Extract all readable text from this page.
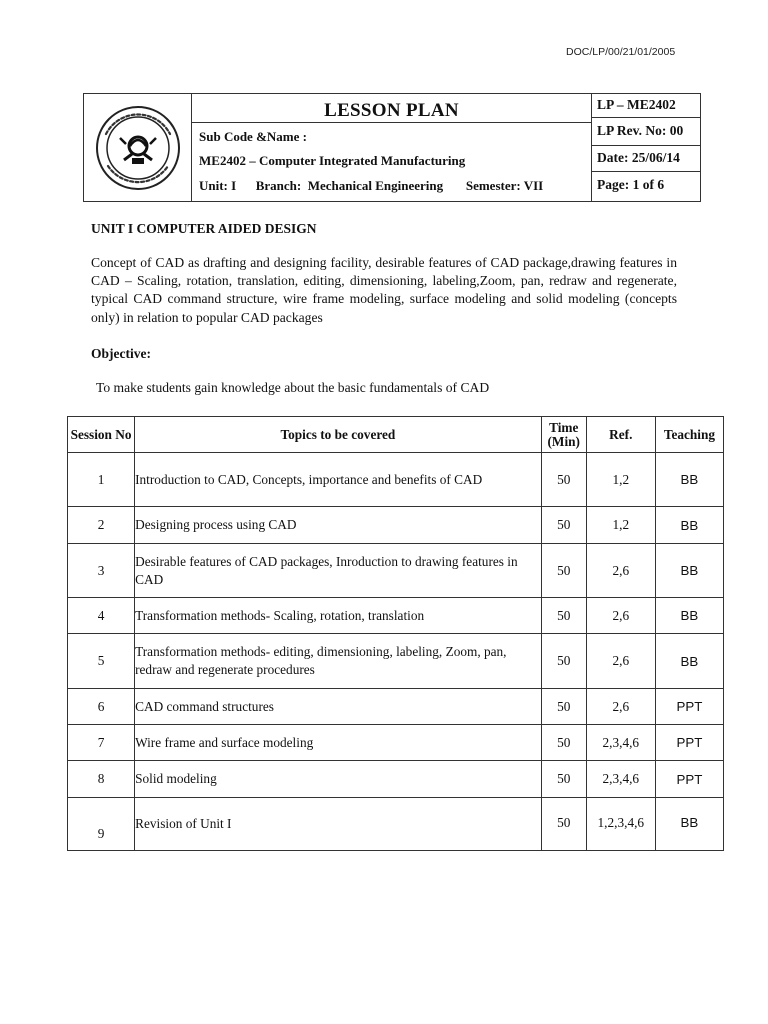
DOC/LP/00/21/01/2005
LESSON PLAN
Sub Code &Name :
ME2402 – Computer Integrated Manufacturing
Unit: I      Branch:  Mechanical Engineering       Semester: VII
LP – ME2402
LP Rev. No: 00
Date: 25/06/14
Page: 1 of 6
UNIT I COMPUTER AIDED DESIGN
Concept of CAD as drafting and designing facility, desirable features of CAD package,drawing features in CAD – Scaling, rotation, translation, editing, dimensioning, labeling,Zoom, pan, redraw and regenerate, typical CAD command structure, wire frame modeling, surface modeling and solid modeling (concepts only) in relation to popular CAD packages
Objective:
To make students gain knowledge about the basic fundamentals of CAD
Session No	Topics to be covered	Time (Min)	Ref.	Teaching
1	Introduction to CAD, Concepts, importance and benefits of CAD	50	1,2	BB
2	Designing process using CAD	50	1,2	BB
3	Desirable features of CAD packages, Inroduction to drawing features in CAD	50	2,6	BB
4	Transformation methods- Scaling, rotation, translation	50	2,6	BB
5	Transformation methods- editing, dimensioning, labeling, Zoom, pan, redraw and regenerate procedures	50	2,6	BB
6	CAD command structures	50	2,6	PPT
7	Wire frame and surface modeling	50	2,3,4,6	PPT
8	Solid modeling	50	2,3,4,6	PPT
9	Revision of Unit I	50	1,2,3,4,6	BB
